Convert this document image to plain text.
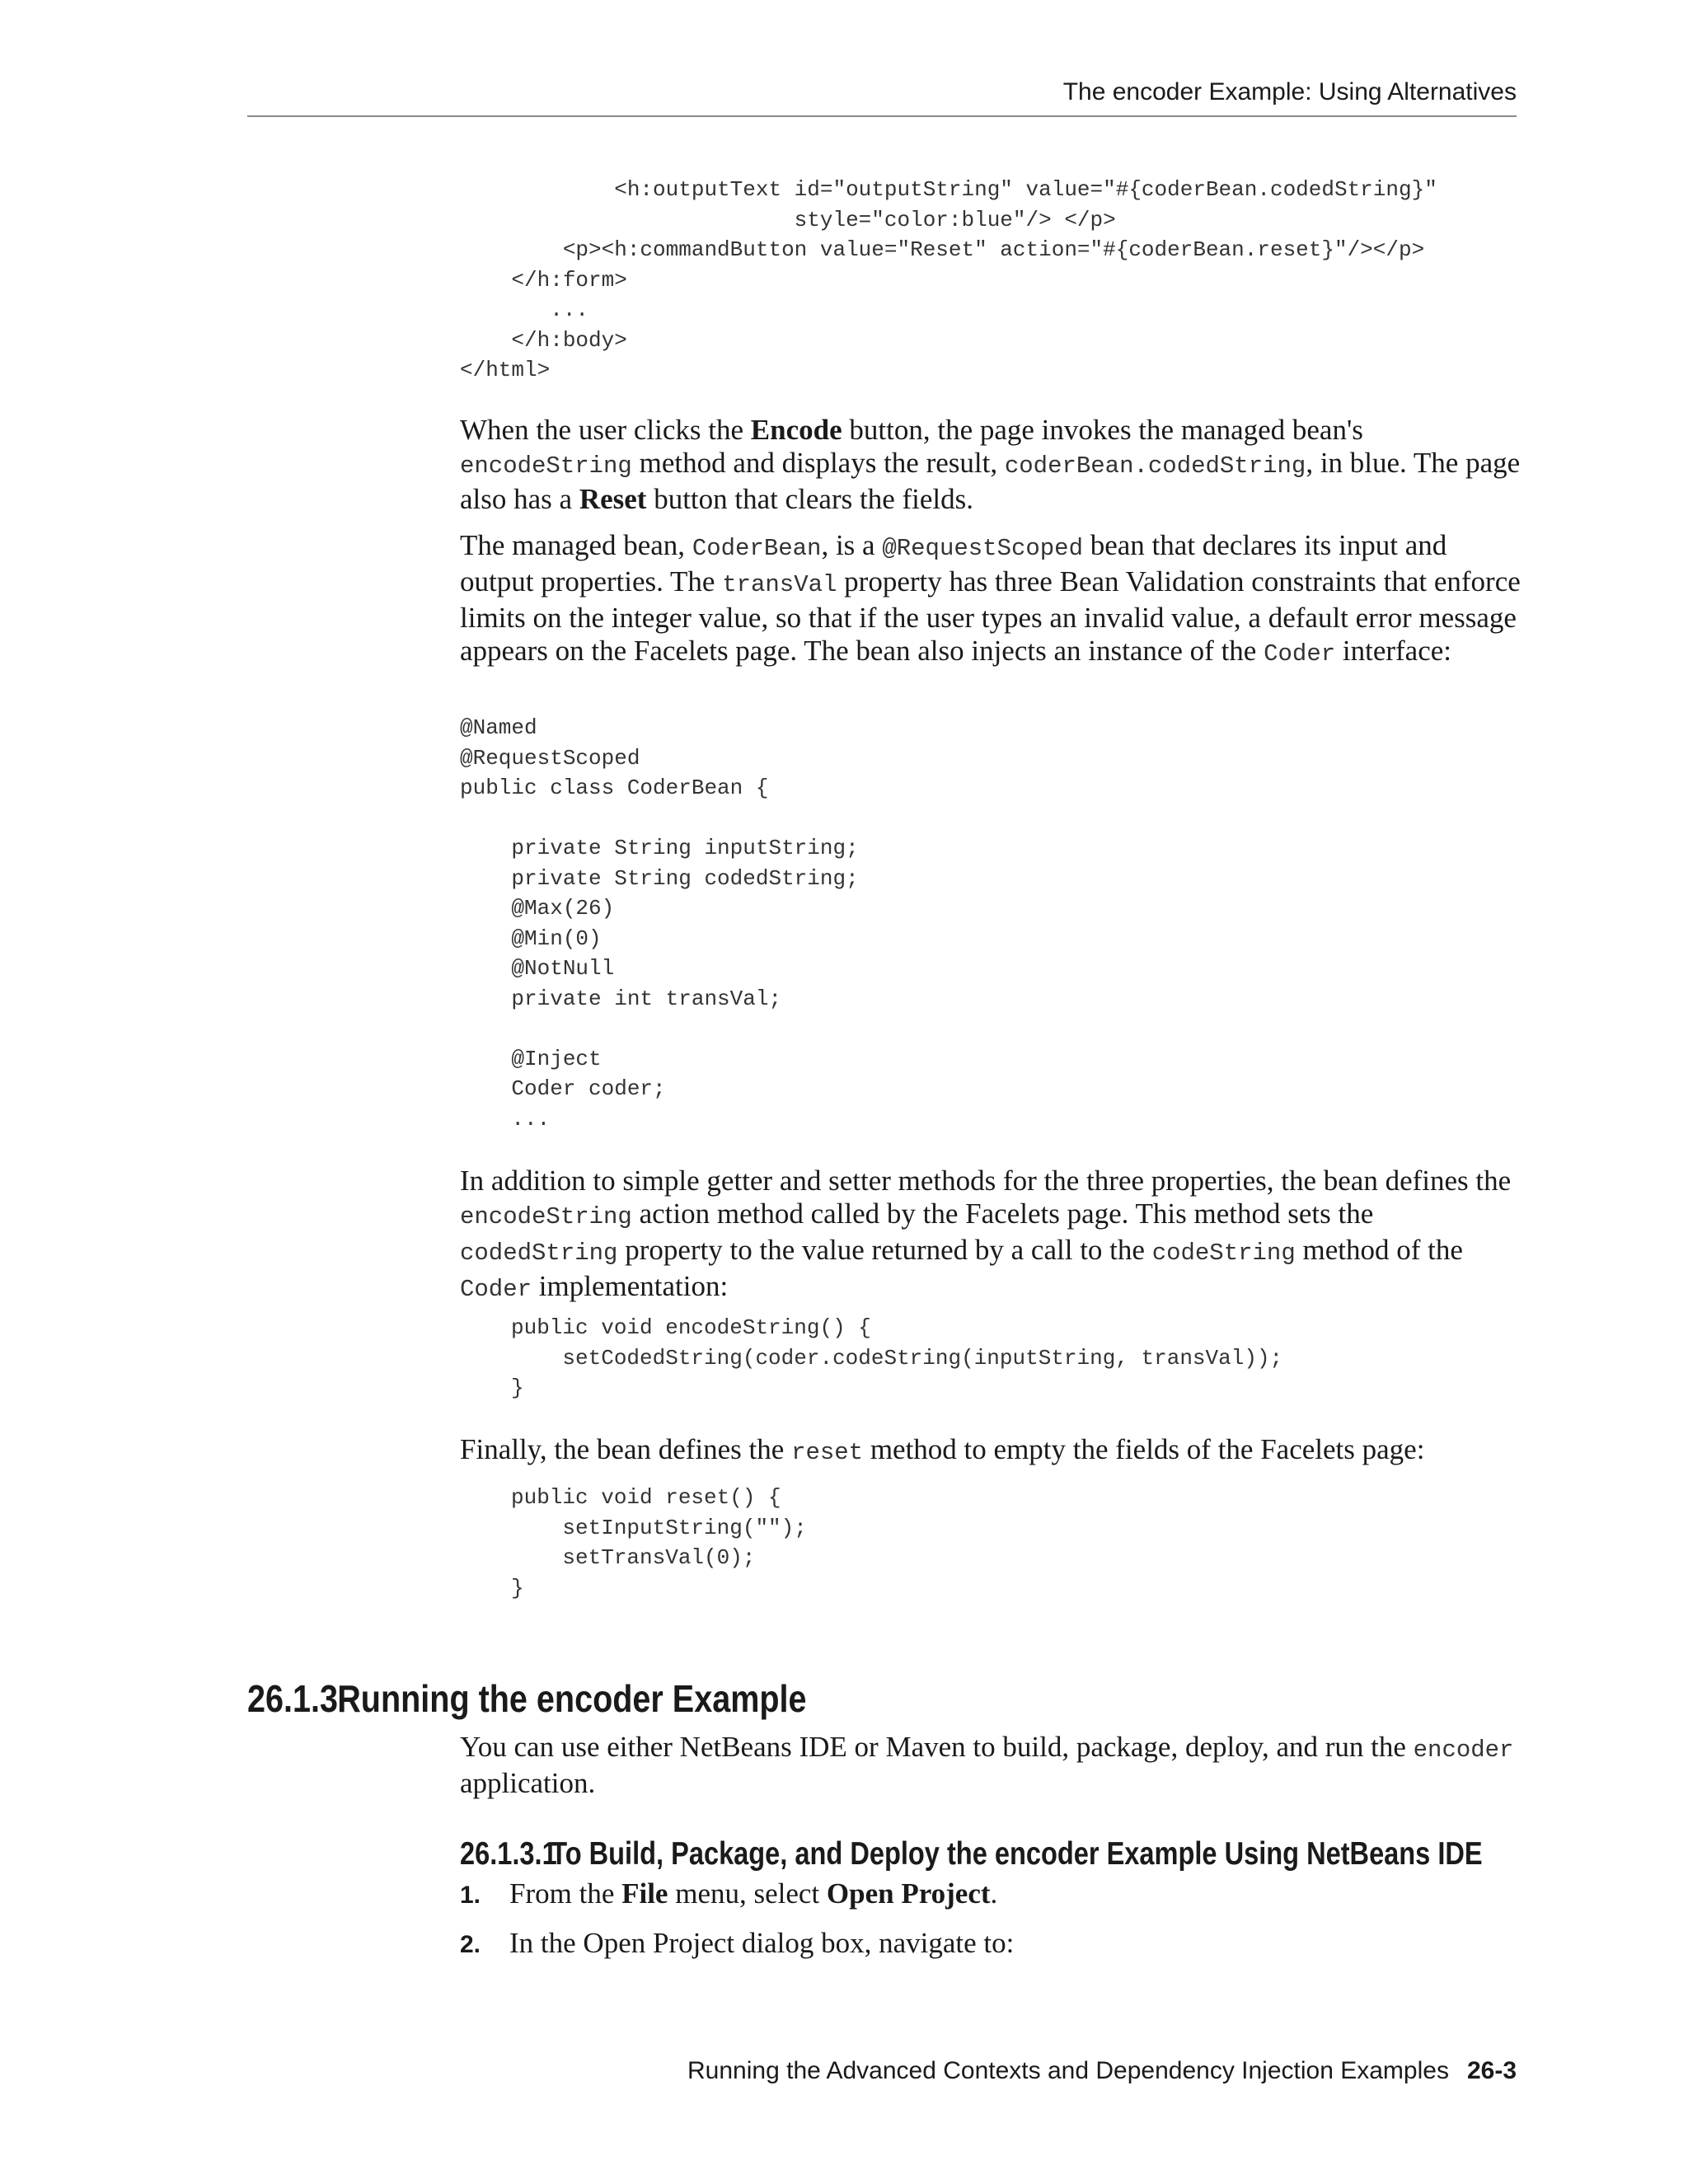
The encoder Example: Using Alternatives
<h:outputText id="outputString" value="#{coderBean.codedString}"
style="color:blue"/> </p>
<p><h:commandButton value="Reset" action="#{coderBean.reset}"/></p>
</h:form>
...
</h:body>
</html>

When the user clicks the Encode button, the page invokes the managed bean's encodeString method and displays the result, coderBean.codedString, in blue. The page also has a Reset button that clears the fields.

The managed bean, CoderBean, is a @RequestScoped bean that declares its input and output properties. The transVal property has three Bean Validation constraints that enforce limits on the integer value, so that if the user types an invalid value, a default error message appears on the Facelets page. The bean also injects an instance of the Coder interface:

@Named
@RequestScoped
public class CoderBean {

private String inputString;
private String codedString;
@Max(26)
@Min(0)
@NotNull
private int transVal;

@Inject
Coder coder;
...

In addition to simple getter and setter methods for the three properties, the bean defines the encodeString action method called by the Facelets page. This method sets the codedString property to the value returned by a call to the codeString method of the Coder implementation:

public void encodeString() {
setCodedString(coder.codeString(inputString, transVal));
}

Finally, the bean defines the reset method to empty the fields of the Facelets page:

public void reset() {
setInputString("");
setTransVal(0);
}
26.1.3Running the encoder Example

You can use either NetBeans IDE or Maven to build, package, deploy, and run the encoder application.

26.1.3.1To Build, Package, and Deploy the encoder Example Using NetBeans IDE

1. From the File menu, select Open Project.

2. In the Open Project dialog box, navigate to:

Running the Advanced Contexts and Dependency Injection Examples 26-3
